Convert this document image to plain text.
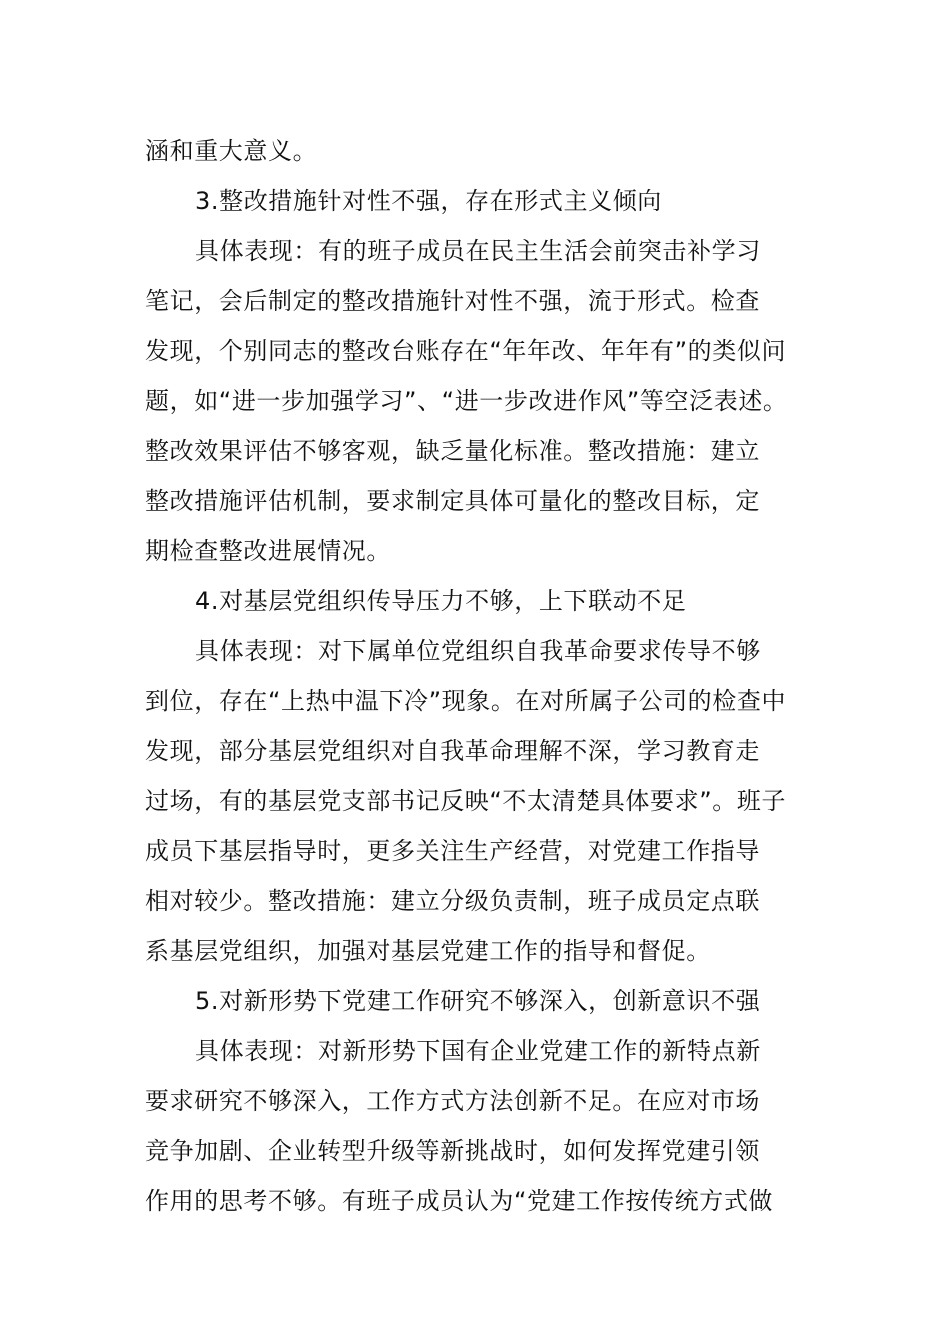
涵和重大意义。
3.整改措施针对性不强，存在形式主义倾向
具体表现：有的班子成员在民主生活会前突击补学习
笔记，会后制定的整改措施针对性不强，流于形式。检查
发现，个别同志的整改台账存在“年年改、年年有”的类似问
题，如“进一步加强学习”、“进一步改进作风”等空泛表述。
整改效果评估不够客观，缺乏量化标准。整改措施：建立
整改措施评估机制，要求制定具体可量化的整改目标，定
期检查整改进展情况。
4.对基层党组织传导压力不够，上下联动不足
具体表现：对下属单位党组织自我革命要求传导不够
到位，存在“上热中温下冷”现象。在对所属子公司的检查中
发现，部分基层党组织对自我革命理解不深，学习教育走
过场，有的基层党支部书记反映“不太清楚具体要求”。班子
成员下基层指导时，更多关注生产经营，对党建工作指导
相对较少。整改措施：建立分级负责制，班子成员定点联
系基层党组织，加强对基层党建工作的指导和督促。
5.对新形势下党建工作研究不够深入，创新意识不强
具体表现：对新形势下国有企业党建工作的新特点新
要求研究不够深入，工作方式方法创新不足。在应对市场
竞争加剧、企业转型升级等新挑战时，如何发挥党建引领
作用的思考不够。有班子成员认为“党建工作按传统方式做
